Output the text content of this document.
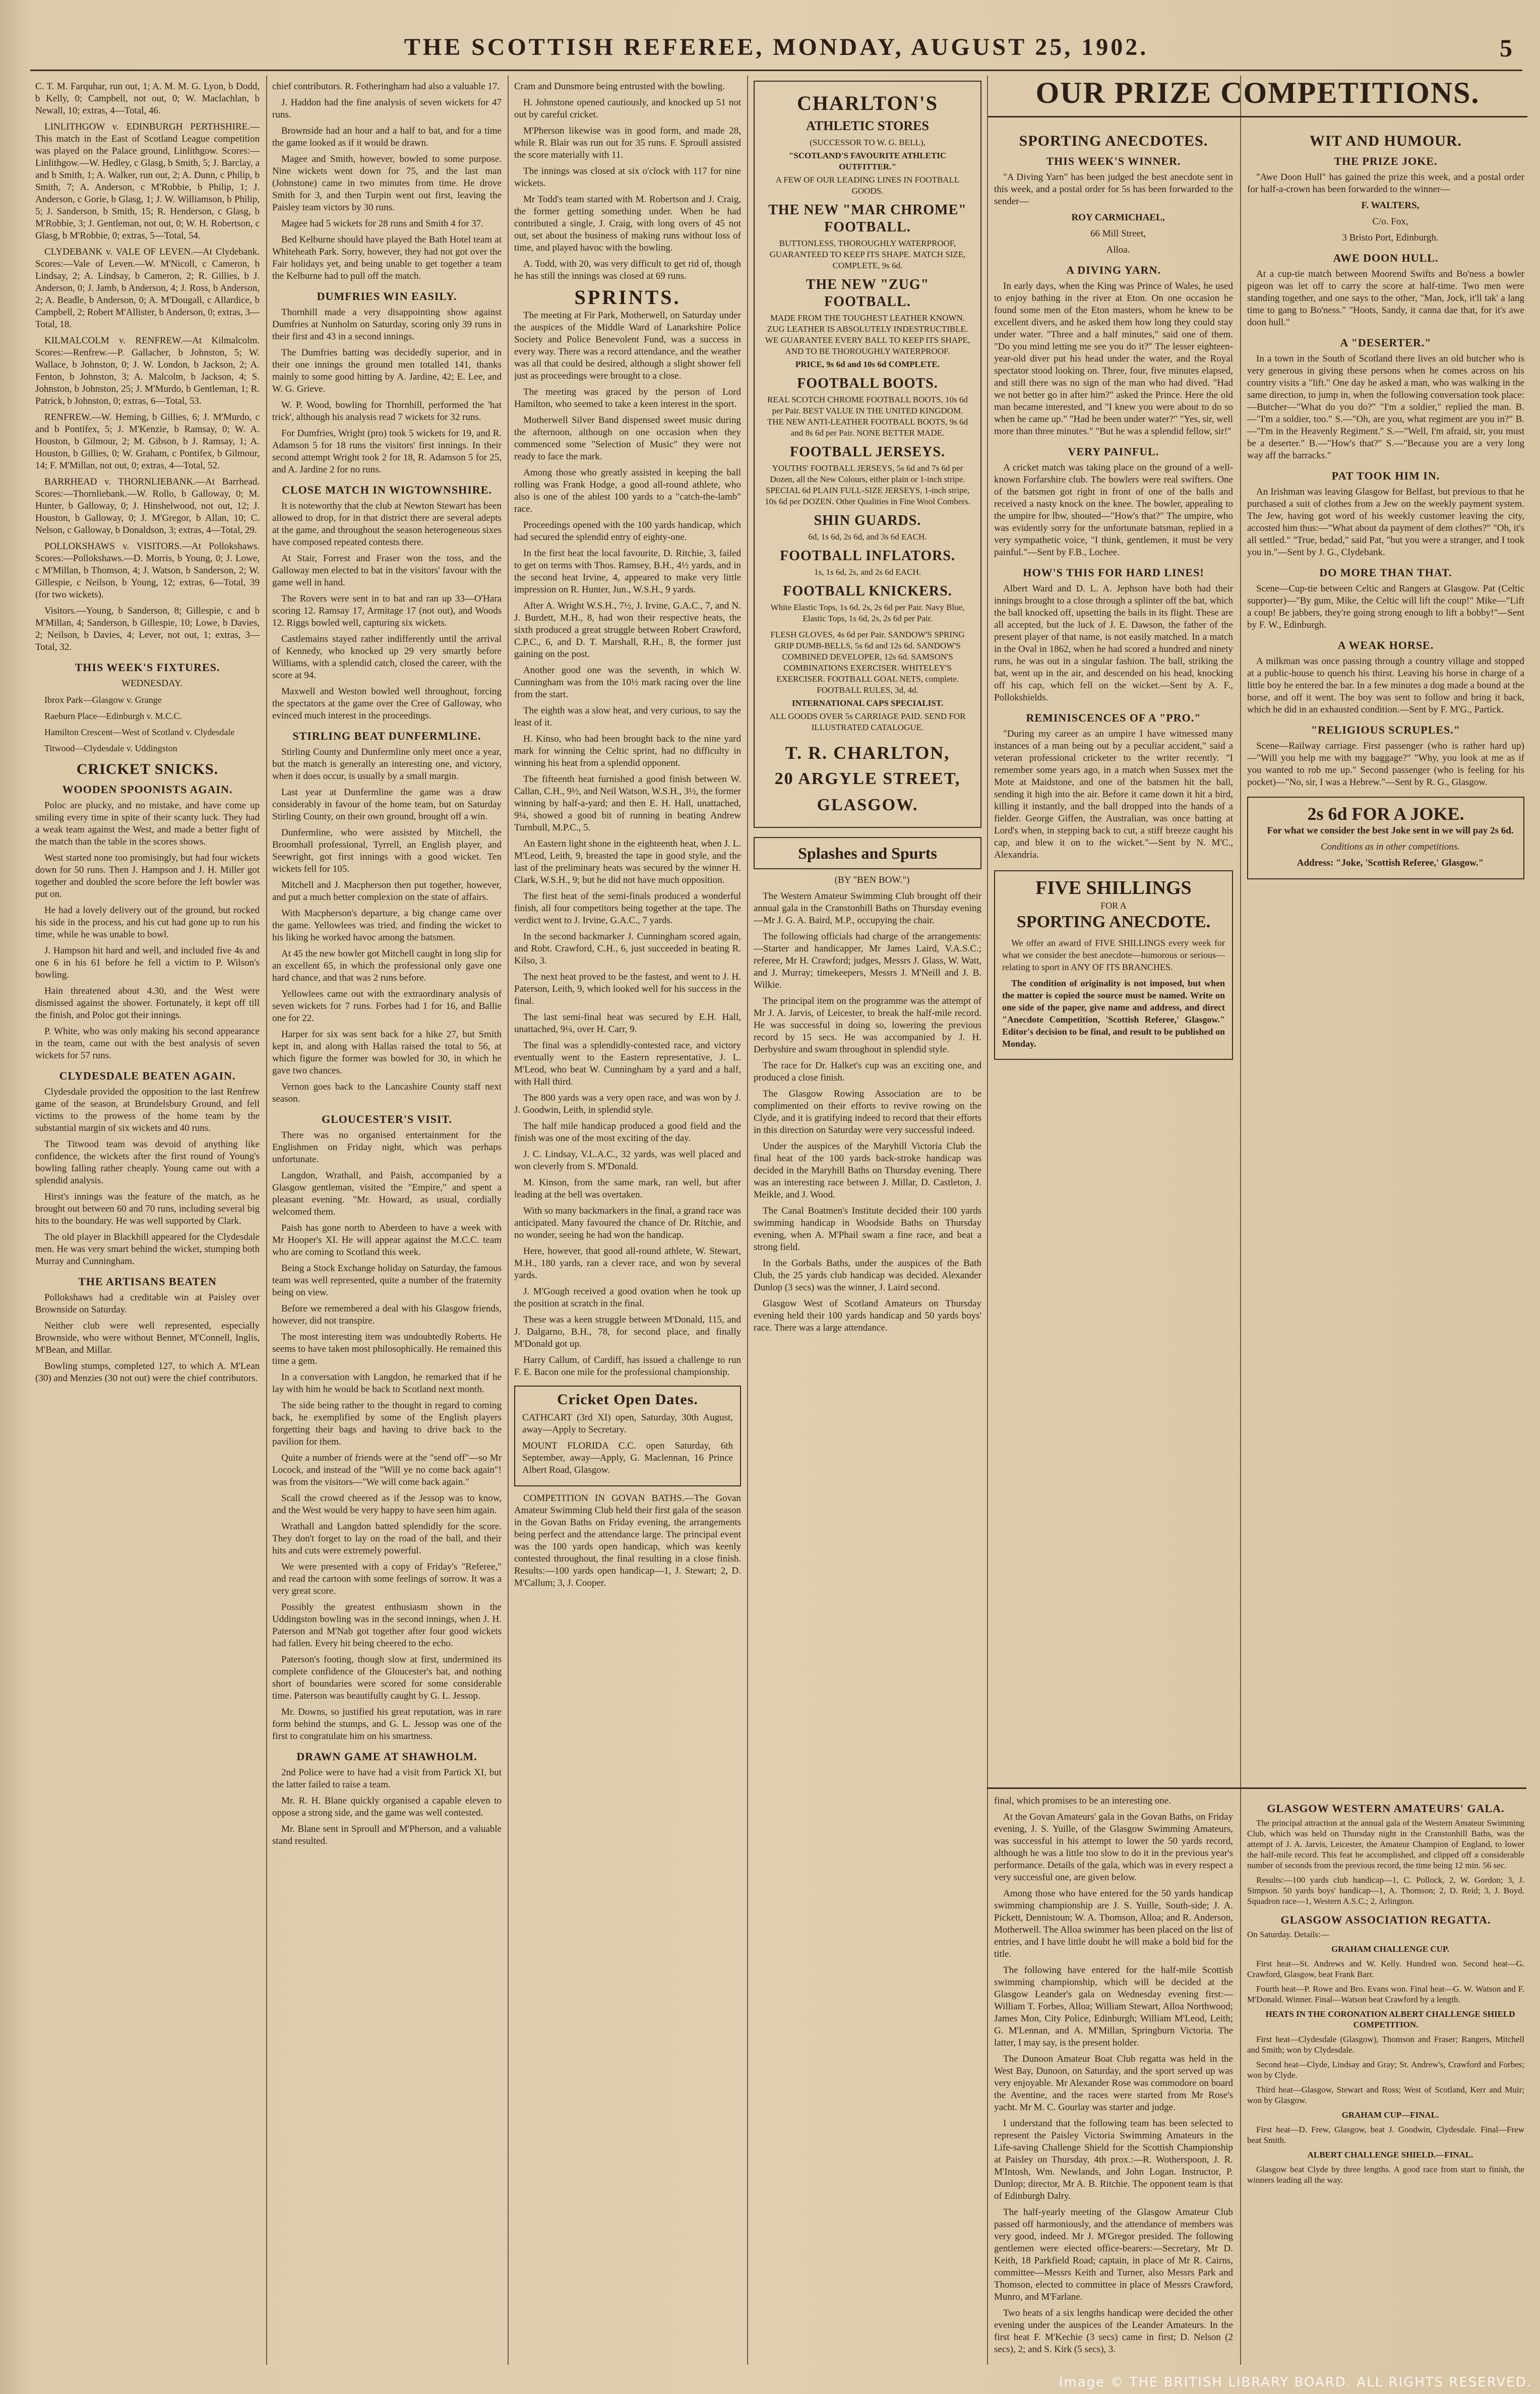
THE SCOTTISH REFEREE, MONDAY, AUGUST 25, 1902.	5

C. T. M. Farquhar, run out, 1; A. M. M. G. Lyon, b Dodd, b Kelly, 0; Campbell, not out, 0; W. Maclachlan, b Newall, 10; extras, 4—Total, 46.

LINLITHGOW v. EDINBURGH PERTHSHIRE.—This match in the East of Scotland League competition was played on the Palace ground, Linlithgow. Scores:—Linlithgow.—W. Hedley, c Glasg, b Smith, 5; J. Barclay, a and b Smith, 1; A. Walker, run out, 2; A. Dunn, c Philip, b Smith, 7; A. Anderson, c M'Robbie, b Philip, 1; J. Anderson, c Gorie, b Glasg, 1; J. W. Williamson, b Philip, 5; J. Sanderson, b Smith, 15; R. Henderson, c Glasg, b M'Robbie, 3; J. Gentleman, not out, 0; W. H. Robertson, c Glasg, b M'Robbie, 0; extras, 5—Total, 54.

CLYDEBANK v. VALE OF LEVEN.—At Clydebank. Scores:—Vale of Leven.—W. M'Nicoll, c Cameron, b Lindsay, 2; A. Lindsay, b Cameron, 2; R. Gillies, b J. Anderson, 0; J. Jamb, b Anderson, 4; J. Ross, b Anderson, 2; A. Beadle, b Anderson, 0; A. M'Dougall, c Allardice, b Campbell, 2; Robert M'Allister, b Anderson, 0; extras, 3—Total, 18.

KILMALCOLM v. RENFREW.—At Kilmalcolm. Scores:—Renfrew.—P. Gallacher, b Johnston, 5; W. Wallace, b Johnston, 0; J. W. London, b Jackson, 2; A. Fenton, b Johnston, 3; A. Malcolm, b Jackson, 4; S. Johnston, b Johnston, 25; J. M'Murdo, b Gentleman, 1; R. Patrick, b Johnston, 0; extras, 6—Total, 53.

RENFREW.—W. Heming, b Gillies, 6; J. M'Murdo, c and b Pontifex, 5; J. M'Kenzie, b Ramsay, 0; W. A. Houston, b Gilmour, 2; M. Gibson, b J. Ramsay, 1; A. Houston, b Gillies, 0; W. Graham, c Pontifex, b Gilmour, 14; F. M'Millan, not out, 0; extras, 4—Total, 52.

BARRHEAD v. THORNLIEBANK.—At Barrhead. Scores:—Thornliebank.—W. Rollo, b Galloway, 0; M. Hunter, b Galloway, 0; J. Hinshelwood, not out, 12; J. Houston, b Galloway, 0; J. M'Gregor, b Allan, 10; C. Nelson, c Galloway, b Donaldson, 3; extras, 4—Total, 29.

POLLOKSHAWS v. VISITORS.—At Pollokshaws. Scores:—Pollokshaws.—D. Morris, b Young, 0; J. Lowe, c M'Millan, b Thomson, 4; J. Watson, b Sanderson, 2; W. Gillespie, c Neilson, b Young, 12; extras, 6—Total, 39 (for two wickets).

Visitors.—Young, b Sanderson, 8; Gillespie, c and b M'Millan, 4; Sanderson, b Gillespie, 10; Lowe, b Davies, 2; Neilson, b Davies, 4; Lever, not out, 1; extras, 3—Total, 32.

THIS WEEK'S FIXTURES.

WEDNESDAY.

Ibrox Park—Glasgow v. Grange

Raeburn Place—Edinburgh v. M.C.C.

Hamilton Crescent—West of Scotland v. Clydesdale

Titwood—Clydesdale v. Uddingston

CRICKET SNICKS.
WOODEN SPOONISTS AGAIN.

Poloc are plucky, and no mistake, and have come up smiling every time in spite of their scanty luck. They had a weak team against the West, and made a better fight of the match than the table in the scores shows.

West started none too promisingly, but had four wickets down for 50 runs. Then J. Hampson and J. H. Miller got together and doubled the score before the left bowler was put on.

He had a lovely delivery out of the ground, but rocked his side in the process, and his cut had gone up to run his time, while he was unable to bowl.

J. Hampson hit hard and well, and included five 4s and one 6 in his 61 before he fell a victim to P. Wilson's bowling.

Hain threatened about 4.30, and the West were dismissed against the shower. Fortunately, it kept off till the finish, and Poloc got their innings.

P. White, who was only making his second appearance in the team, came out with the best analysis of seven wickets for 57 runs.

CLYDESDALE BEATEN AGAIN.

Clydesdale provided the opposition to the last Renfrew game of the season, at Brundelsbury Ground, and fell victims to the prowess of the home team by the substantial margin of six wickets and 40 runs.

The Titwood team was devoid of anything like confidence, the wickets after the first round of Young's bowling falling rather cheaply. Young came out with a splendid analysis.

Hirst's innings was the feature of the match, as he brought out between 60 and 70 runs, including several big hits to the boundary. He was well supported by Clark.

The old player in Blackhill appeared for the Clydesdale men. He was very smart behind the wicket, stumping both Murray and Cunningham.

THE ARTISANS BEATEN

Pollokshaws had a creditable win at Paisley over Brownside on Saturday.

Neither club were well represented, especially Brownside, who were without Bennet, M'Connell, Inglis, M'Bean, and Millar.

Bowling stumps, completed 127, to which A. M'Lean (30) and Menzies (30 not out) were the chief contributors.

chief contributors. R. Fotheringham had also a valuable 17.

J. Haddon had the fine analysis of seven wickets for 47 runs.

Brownside had an hour and a half to bat, and for a time the game looked as if it would be drawn.

Magee and Smith, however, bowled to some purpose. Nine wickets went down for 75, and the last man (Johnstone) came in two minutes from time. He drove Smith for 3, and then Turpin went out first, leaving the Paisley team victors by 30 runs.

Magee had 5 wickets for 28 runs and Smith 4 for 37.

Bed Kelburne should have played the Bath Hotel team at Whiteheath Park. Sorry, however, they had not got over the Fair holidays yet, and being unable to get together a team the Kelburne had to pull off the match.

DUMFRIES WIN EASILY.

Thornhill made a very disappointing show against Dumfries at Nunholm on Saturday, scoring only 39 runs in their first and 43 in a second innings.

The Dumfries batting was decidedly superior, and in their one innings the ground men totalled 141, thanks mainly to some good hitting by A. Jardine, 42; E. Lee, and W. G. Grieve.

W. P. Wood, bowling for Thornhill, performed the 'hat trick', although his analysis read 7 wickets for 32 runs.

For Dumfries, Wright (pro) took 5 wickets for 19, and R. Adamson 5 for 18 runs the visitors' first innings. In their second attempt Wright took 2 for 18, R. Adamson 5 for 25, and A. Jardine 2 for no runs.

CLOSE MATCH IN WIGTOWNSHIRE.

It is noteworthy that the club at Newton Stewart has been allowed to drop, for in that district there are several adepts at the game, and throughout the season heterogeneous sixes have composed repeated contests there.

At Stair, Forrest and Fraser won the toss, and the Galloway men elected to bat in the visitors' favour with the game well in hand.

The Rovers were sent in to bat and ran up 33—O'Hara scoring 12. Ramsay 17, Armitage 17 (not out), and Woods 12. Riggs bowled well, capturing six wickets.

Castlemains stayed rather indifferently until the arrival of Kennedy, who knocked up 29 very smartly before Williams, with a splendid catch, closed the career, with the score at 94.

Maxwell and Weston bowled well throughout, forcing the spectators at the game over the Cree of Galloway, who evinced much interest in the proceedings.

STIRLING BEAT DUNFERMLINE.

Stirling County and Dunfermline only meet once a year, but the match is generally an interesting one, and victory, when it does occur, is usually by a small margin.

Last year at Dunfermline the game was a draw considerably in favour of the home team, but on Saturday Stirling County, on their own ground, brought off a win.

Dunfermline, who were assisted by Mitchell, the Broomhall professional, Tyrrell, an English player, and Seewright, got first innings with a good wicket. Ten wickets fell for 105.

Mitchell and J. Macpherson then put together, however, and put a much better complexion on the state of affairs.

With Macpherson's departure, a big change came over the game. Yellowlees was tried, and finding the wicket to his liking he worked havoc among the batsmen.

At 45 the new bowler got Mitchell caught in long slip for an excellent 65, in which the professional only gave one hard chance, and that was 2 runs before.

Yellowlees came out with the extraordinary analysis of seven wickets for 7 runs. Forbes had 1 for 16, and Ballie one for 22.

Harper for six was sent back for a hike 27, but Smith kept in, and along with Hallas raised the total to 56, at which figure the former was bowled for 30, in which he gave two chances.

Vernon goes back to the Lancashire County staff next season.

GLOUCESTER'S VISIT.

There was no organised entertainment for the Englishmen on Friday night, which was perhaps unfortunate.

Langdon, Wrathall, and Paish, accompanied by a Glasgow gentleman, visited the "Empire," and spent a pleasant evening. "Mr. Howard, as usual, cordially welcomed them.

Paish has gone north to Aberdeen to have a week with Mr Hooper's XI. He will appear against the M.C.C. team who are coming to Scotland this week.

Being a Stock Exchange holiday on Saturday, the famous team was well represented, quite a number of the fraternity being on view.

Before we remembered a deal with his Glasgow friends, however, did not transpire.

The most interesting item was undoubtedly Roberts. He seems to have taken most philosophically. He remained this time a gem.

In a conversation with Langdon, he remarked that if he lay with him he would be back to Scotland next month.

The side being rather to the thought in regard to coming back, he exemplified by some of the English players forgetting their bags and having to drive back to the pavilion for them.

Quite a number of friends were at the "send off"—so Mr Locock, and instead of the "Will ye no come back again"! was from the visitors—"We will come back again."

Scall the crowd cheered as if the Jessop was to know, and the West would be very happy to have seen him again.

Wrathall and Langdon batted splendidly for the score. They don't forget to lay on the road of the ball, and their hits and cuts were extremely powerful.

We were presented with a copy of Friday's "Referee," and read the cartoon with some feelings of sorrow. It was a very great score.

Possibly the greatest enthusiasm shown in the Uddingston bowling was in the second innings, when J. H. Paterson and M'Nab got together after four good wickets had fallen. Every hit being cheered to the echo.

Paterson's footing, though slow at first, undermined its complete confidence of the Gloucester's bat, and nothing short of boundaries were scored for some considerable time. Paterson was beautifully caught by G. L. Jessop.

Mr. Downs, so justified his great reputation, was in rare form behind the stumps, and G. L. Jessop was one of the first to congratulate him on his smartness.

DRAWN GAME AT SHAWHOLM.

2nd Police were to have had a visit from Partick XI, but the latter failed to raise a team.

Mr. R. H. Blane quickly organised a capable eleven to oppose a strong side, and the game was well contested.

Mr. Blane sent in Sproull and M'Pherson, and a valuable stand resulted.

Cram and Dunsmore being entrusted with the bowling.

H. Johnstone opened cautiously, and knocked up 51 not out by careful cricket.

M'Pherson likewise was in good form, and made 28, while R. Blair was run out for 35 runs. F. Sproull assisted the score materially with 11.

The innings was closed at six o'clock with 117 for nine wickets.

Mr Todd's team started with M. Robertson and J. Craig, the former getting something under. When he had contributed a single, J. Craig, with long overs of 45 not out, set about the business of making runs without loss of time, and played havoc with the bowling.

A. Todd, with 20, was very difficult to get rid of, though he has still the innings was closed at 69 runs.

SPRINTS.

The meeting at Fir Park, Motherwell, on Saturday under the auspices of the Middle Ward of Lanarkshire Police Society and Police Benevolent Fund, was a success in every way. There was a record attendance, and the weather was all that could be desired, although a slight shower fell just as proceedings were brought to a close.

The meeting was graced by the person of Lord Hamilton, who seemed to take a keen interest in the sport.

Motherwell Silver Band dispensed sweet music during the afternoon, although on one occasion when they commenced some "Selection of Music" they were not ready to face the mark.

Among those who greatly assisted in keeping the ball rolling was Frank Hodge, a good all-round athlete, who also is one of the ablest 100 yards to a "catch-the-lamb" race.

Proceedings opened with the 100 yards handicap, which had secured the splendid entry of eighty-one.

In the first heat the local favourite, D. Ritchie, 3, failed to get on terms with Thos. Ramsey, B.H., 4½ yards, and in the second heat Irvine, 4, appeared to make very little impression on R. Hunter, Jun., W.S.H., 9 yards.

After A. Wright W.S.H., 7½, J. Irvine, G.A.C., 7, and N. J. Burdett, M.H., 8, had won their respective heats, the sixth produced a great struggle between Robert Crawford, C.P.C., 6, and D. T. Marshall, R.H., 8, the former just gaining on the post.

Another good one was the seventh, in which W. Cunningham was from the 10½ mark racing over the line from the start.

The eighth was a slow heat, and very curious, to say the least of it.

H. Kinso, who had been brought back to the nine yard mark for winning the Celtic sprint, had no difficulty in winning his heat from a splendid opponent.

The fifteenth heat furnished a good finish between W. Callan, C.H., 9½, and Neil Watson, W.S.H., 3½, the former winning by half-a-yard; and then E. H. Hall, unattached, 9¼, showed a good bit of running in beating Andrew Turnbull, M.P.C., 5.

An Eastern light shone in the eighteenth heat, when J. L. M'Leod, Leith, 9, breasted the tape in good style, and the last of the preliminary heats was secured by the winner H. Clark, W.S.H., 9; but he did not have much opposition.

The first heat of the semi-finals produced a wonderful finish, all four competitors being together at the tape. The verdict went to J. Irvine, G.A.C., 7 yards.

In the second backmarker J. Cunningham scored again, and Robt. Crawford, C.H., 6, just succeeded in beating R. Kilso, 3.

The next heat proved to be the fastest, and went to J. H. Paterson, Leith, 9, which looked well for his success in the final.

The last semi-final heat was secured by E.H. Hall, unattached, 9¼, over H. Carr, 9.

The final was a splendidly-contested race, and victory eventually went to the Eastern representative, J. L. M'Leod, who beat W. Cunningham by a yard and a half, with Hall third.

The 800 yards was a very open race, and was won by J. J. Goodwin, Leith, in splendid style.

The half mile handicap produced a good field and the finish was one of the most exciting of the day.

J. C. Lindsay, V.L.A.C., 32 yards, was well placed and won cleverly from S. M'Donald.

M. Kinson, from the same mark, ran well, but after leading at the bell was overtaken.

With so many backmarkers in the final, a grand race was anticipated. Many favoured the chance of Dr. Ritchie, and no wonder, seeing he had won the handicap.

Here, however, that good all-round athlete, W. Stewart, M.H., 180 yards, ran a clever race, and won by several yards.

J. M'Gough received a good ovation when he took up the position at scratch in the final.

These was a keen struggle between M'Donald, 115, and J. Dalgarno, B.H., 78, for second place, and finally M'Donald got up.

Harry Callum, of Cardiff, has issued a challenge to run F. E. Bacon one mile for the professional championship.

Cricket Open Dates.

CATHCART (3rd XI) open, Saturday, 30th August, away—Apply to Secretary.

MOUNT FLORIDA C.C. open Saturday, 6th September, away—Apply, G. Maclennan, 16 Prince Albert Road, Glasgow.

COMPETITION IN GOVAN BATHS.—The Govan Amateur Swimming Club held their first gala of the season in the Govan Baths on Friday evening, the arrangements being perfect and the attendance large. The principal event was the 100 yards open handicap, which was keenly contested throughout, the final resulting in a close finish. Results:—100 yards open handicap—1, J. Stewart; 2, D. M'Callum; 3, J. Cooper.

CHARLTON'S
ATHLETIC STORES
(SUCCESSOR TO W. G. BELL),
"SCOTLAND'S FAVOURITE ATHLETIC OUTFITTER."
A FEW OF OUR LEADING LINES IN FOOTBALL GOODS.
THE NEW "MAR CHROME" FOOTBALL.
BUTTONLESS, THOROUGHLY WATERPROOF, GUARANTEED TO KEEP ITS SHAPE. MATCH SIZE, COMPLETE, 9s 6d.
THE NEW "ZUG" FOOTBALL.
MADE FROM THE TOUGHEST LEATHER KNOWN. ZUG LEATHER IS ABSOLUTELY INDESTRUCTIBLE. WE GUARANTEE EVERY BALL TO KEEP ITS SHAPE, AND TO BE THOROUGHLY WATERPROOF.
PRICE, 9s 6d and 10s 6d COMPLETE.
FOOTBALL BOOTS.
REAL SCOTCH CHROME FOOTBALL BOOTS, 10s 6d per Pair. BEST VALUE IN THE UNITED KINGDOM. THE NEW ANTI-LEATHER FOOTBALL BOOTS, 9s 6d and 8s 6d per Pair. NONE BETTER MADE.
FOOTBALL JERSEYS.
YOUTHS' FOOTBALL JERSEYS, 5s 6d and 7s 6d per Dozen, all the New Colours, either plain or 1-inch stripe. SPECIAL 6d PLAIN FULL-SIZE JERSEYS, 1-inch stripe, 10s 6d per DOZEN. Other Qualities in Fine Wool Combers.
SHIN GUARDS.
6d, 1s 6d, 2s 6d, and 3s 6d EACH.
FOOTBALL INFLATORS.
1s, 1s 6d, 2s, and 2s 6d EACH.
FOOTBALL KNICKERS.
White Elastic Tops, 1s 6d, 2s, 2s 6d per Pair. Navy Blue, Elastic Tops, 1s 6d, 2s, 2s 6d per Pair.
FLESH GLOVES, 4s 6d per Pair. SANDOW'S SPRING GRIP DUMB-BELLS, 5s 6d and 12s 6d. SANDOW'S COMBINED DEVELOPER, 12s 6d. SAMSON'S COMBINATIONS EXERCISER. WHITELEY'S EXERCISER. FOOTBALL GOAL NETS, complete. FOOTBALL RULES, 3d, 4d.
INTERNATIONAL CAPS SPECIALIST.
ALL GOODS OVER 5s CARRIAGE PAID. SEND FOR ILLUSTRATED CATALOGUE.
T. R. CHARLTON,
20 ARGYLE STREET,
GLASGOW.
Splashes and Spurts

(BY "BEN BOW.")

The Western Amateur Swimming Club brought off their annual gala in the Cranstonhill Baths on Thursday evening—Mr J. G. A. Baird, M.P., occupying the chair.

The following officials had charge of the arrangements:—Starter and handicapper, Mr James Laird, V.A.S.C.; referee, Mr H. Crawford; judges, Messrs J. Glass, W. Watt, and J. Murray; timekeepers, Messrs J. M'Neill and J. B. Wilkie.

The principal item on the programme was the attempt of Mr J. A. Jarvis, of Leicester, to break the half-mile record. He was successful in doing so, lowering the previous record by 15 secs. He was accompanied by J. H. Derbyshire and swam throughout in splendid style.

The race for Dr. Halket's cup was an exciting one, and produced a close finish.

The Glasgow Rowing Association are to be complimented on their efforts to revive rowing on the Clyde, and it is gratifying indeed to record that their efforts in this direction on Saturday were very successful indeed.

Under the auspices of the Maryhill Victoria Club the final heat of the 100 yards back-stroke handicap was decided in the Maryhill Baths on Thursday evening. There was an interesting race between J. Millar, D. Castleton, J. Meikle, and J. Wood.

The Canal Boatmen's Institute decided their 100 yards swimming handicap in Woodside Baths on Thursday evening, when A. M'Phail swam a fine race, and beat a strong field.

In the Gorbals Baths, under the auspices of the Bath Club, the 25 yards club handicap was decided. Alexander Dunlop (3 secs) was the winner, J. Laird second.

Glasgow West of Scotland Amateurs on Thursday evening held their 100 yards handicap and 50 yards boys' race. There was a large attendance.

OUR PRIZE COMPETITIONS.
SPORTING ANECDOTES.
THIS WEEK'S WINNER.

"A Diving Yarn" has been judged the best anecdote sent in this week, and a postal order for 5s has been forwarded to the sender—

ROY CARMICHAEL,

66 Mill Street,

Alloa.

A DIVING YARN.

In early days, when the King was Prince of Wales, he used to enjoy bathing in the river at Eton. On one occasion he found some men of the Eton masters, whom he knew to be excellent divers, and he asked them how long they could stay under water. "Three and a half minutes," said one of them. "Do you mind letting me see you do it?" The lesser eighteen-year-old diver put his head under the water, and the Royal spectator stood looking on. Three, four, five minutes elapsed, and still there was no sign of the man who had dived. "Had we not better go in after him?" asked the Prince. Here the old man became interested, and "I knew you were about to do so when he came up." "Had he been under water?" "Yes, sir, well more than three minutes." "But he was a splendid fellow, sir!"

VERY PAINFUL.

A cricket match was taking place on the ground of a well-known Forfarshire club. The bowlers were real swifters. One of the batsmen got right in front of one of the balls and received a nasty knock on the knee. The bowler, appealing to the umpire for lbw, shouted—"How's that?" The umpire, who was evidently sorry for the unfortunate batsman, replied in a very sympathetic voice, "I think, gentlemen, it must be very painful."—Sent by F.B., Lochee.

HOW'S THIS FOR HARD LINES!

Albert Ward and D. L. A. Jephson have both had their innings brought to a close through a splinter off the bat, which the ball knocked off, upsetting the bails in its flight. These are all accepted, but the luck of J. E. Dawson, the father of the present player of that name, is not easily matched. In a match in the Oval in 1862, when he had scored a hundred and ninety runs, he was out in a singular fashion. The ball, striking the bat, went up in the air, and descended on his head, knocking off his cap, which fell on the wicket.—Sent by A. F., Pollokshields.

REMINISCENCES OF A "PRO."

"During my career as an umpire I have witnessed many instances of a man being out by a peculiar accident," said a veteran professional cricketer to the writer recently. "I remember some years ago, in a match when Sussex met the Mote at Maidstone, and one of the batsmen hit the ball, sending it high into the air. Before it came down it hit a bird, killing it instantly, and the ball dropped into the hands of a fielder. George Giffen, the Australian, was once batting at Lord's when, in stepping back to cut, a stiff breeze caught his cap, and blew it on to the wicket."—Sent by N. M'C., Alexandria.

FIVE SHILLINGS
FOR A
SPORTING ANECDOTE.

We offer an award of FIVE SHILLINGS every week for what we consider the best anecdote—humorous or serious—relating to sport in ANY OF ITS BRANCHES.

The condition of originality is not imposed, but when the matter is copied the source must be named. Write on one side of the paper, give name and address, and direct "Anecdote Competition, 'Scottish Referee,' Glasgow." Editor's decision to be final, and result to be published on Monday.

WIT AND HUMOUR.
THE PRIZE JOKE.

"Awe Doon Hull" has gained the prize this week, and a postal order for half-a-crown has been forwarded to the winner—

F. WALTERS,

C/o. Fox,

3 Bristo Port, Edinburgh.

AWE DOON HULL.

At a cup-tie match between Moorend Swifts and Bo'ness a bowler pigeon was let off to carry the score at half-time. Two men were standing together, and one says to the other, "Man, Jock, it'll tak' a lang time to gang to Bo'ness." "Hoots, Sandy, it canna dae that, for it's awe doon hull."

A "DESERTER."

In a town in the South of Scotland there lives an old butcher who is very generous in giving these persons when he comes across on his country visits a "lift." One day he asked a man, who was walking in the same direction, to jump in, when the following conversation took place:—Butcher—"What do you do?" "I'm a soldier," replied the man. B.—"I'm a soldier, too." S.—"Oh, are you, what regiment are you in?" B.—"I'm in the Heavenly Regiment." S.—"Well, I'm afraid, sir, you must be a deserter." B.—"How's that?" S.—"Because you are a very long way aff the barracks."

PAT TOOK HIM IN.

An Irishman was leaving Glasgow for Belfast, but previous to that he purchased a suit of clothes from a Jew on the weekly payment system. The Jew, having got word of his weekly customer leaving the city, accosted him thus:—"What about da payment of dem clothes?" "Oh, it's all settled." "True, bedad," said Pat, "but you were a stranger, and I took you in."—Sent by J. G., Clydebank.

DO MORE THAN THAT.

Scene—Cup-tie between Celtic and Rangers at Glasgow. Pat (Celtic supporter)—"By gum, Mike, the Celtic will lift the coup!" Mike—"Lift a coup! Be jabbers, they're going strong enough to lift a bobby!"—Sent by F. W., Edinburgh.

A WEAK HORSE.

A milkman was once passing through a country village and stopped at a public-house to quench his thirst. Leaving his horse in charge of a little boy he entered the bar. In a few minutes a dog made a bound at the horse, and off it went. The boy was sent to follow and bring it back, which he did in an exhausted condition.—Sent by F. M'G., Partick.

"RELIGIOUS SCRUPLES."

Scene—Railway carriage. First passenger (who is rather hard up)—"Will you help me with my baggage?" "Why, you look at me as if you wanted to rob me up." Second passenger (who is feeling for his pocket)—"No, sir, I was a Hebrew."—Sent by R. G., Glasgow.

2s 6d FOR A JOKE.

For what we consider the best Joke sent in we will pay 2s 6d.

Conditions as in other competitions.

Address: "Joke, 'Scottish Referee,' Glasgow."

final, which promises to be an interesting one.

At the Govan Amateurs' gala in the Govan Baths, on Friday evening, J. S. Yuille, of the Glasgow Swimming Amateurs, was successful in his attempt to lower the 50 yards record, although he was a little too slow to do it in the previous year's performance. Details of the gala, which was in every respect a very successful one, are given below.

Among those who have entered for the 50 yards handicap swimming championship are J. S. Yuille, South-side; J. A. Pickett, Dennistoun; W. A. Thomson, Alloa; and R. Anderson, Motherwell. The Alloa swimmer has been placed on the list of entries, and I have little doubt he will make a bold bid for the title.

The following have entered for the half-mile Scottish swimming championship, which will be decided at the Glasgow Leander's gala on Wednesday evening first:—William T. Forbes, Alloa; William Stewart, Alloa Northwood; James Mon, City Police, Edinburgh; William M'Leod, Leith; G. M'Lennan, and A. M'Millan, Springburn Victoria. The latter, I may say, is the present holder.

The Dunoon Amateur Boat Club regatta was held in the West Bay, Dunoon, on Saturday, and the sport served up was very enjoyable. Mr Alexander Rose was commodore on board the Aventine, and the races were started from Mr Rose's yacht. Mr M. C. Gourlay was starter and judge.

I understand that the following team has been selected to represent the Paisley Victoria Swimming Amateurs in the Life-saving Challenge Shield for the Scottish Championship at Paisley on Thursday, 4th prox.:—R. Wotherspoon, J. R. M'Intosh, Wm. Newlands, and John Logan. Instructor, P. Dunlop; director, Mr A. B. Ritchie. The opponent team is that of Edinburgh Dalry.

The half-yearly meeting of the Glasgow Amateur Club passed off harmoniously, and the attendance of members was very good, indeed. Mr J. M'Gregor presided. The following gentlemen were elected office-bearers:—Secretary, Mr D. Keith, 18 Parkfield Road; captain, in place of Mr R. Cairns, committee—Messrs Keith and Turner, also Messrs Park and Thomson, elected to committee in place of Messrs Crawford, Munro, and M'Farlane.

Two heats of a six lengths handicap were decided the other evening under the auspices of the Leander Amateurs. In the first heat F. M'Kechie (3 secs) came in first; D. Nelson (2 secs), 2; and S. Kirk (5 secs), 3.

GLASGOW WESTERN AMATEURS' GALA.

The principal attraction at the annual gala of the Western Amateur Swimming Club, which was held on Thursday night in the Cranstonhill Baths, was the attempt of J. A. Jarvis, Leicester, the Amateur Champion of England, to lower the half-mile record. This feat he accomplished, and clipped off a considerable number of seconds from the previous record, the time being 12 min. 56 sec.

Results:—100 yards club handicap—1, C. Pollock, 2, W. Gordon; 3, J. Simpson. 50 yards boys' handicap—1, A. Thomson; 2, D. Reid; 3, J. Boyd. Squadron race—1, Western A.S.C.; 2, Arlington.

GLASGOW ASSOCIATION REGATTA.

On Saturday. Details:—

GRAHAM CHALLENGE CUP.

First heat—St. Andrews and W. Kelly. Hundred won. Second heat—G. Crawford, Glasgow, beat Frank Barr.

Fourth heat—P. Rowe and Bro. Evans won. Final heat—G. W. Watson and F. M'Donald. Winner. Final—Watson beat Crawford by a length.

HEATS IN THE CORONATION ALBERT CHALLENGE SHIELD COMPETITION.

First heat—Clydesdale (Glasgow), Thomson and Fraser; Rangers, Mitchell and Smith; won by Clydesdale.

Second heat—Clyde, Lindsay and Gray; St. Andrew's, Crawford and Forbes; won by Clyde.

Third heat—Glasgow, Stewart and Ross; West of Scotland, Kerr and Muir; won by Glasgow.

GRAHAM CUP—FINAL.

First heat—D. Frew, Glasgow, beat J. Goodwin, Clydesdale. Final—Frew beat Smith.

ALBERT CHALLENGE SHIELD.—FINAL.

Glasgow beat Clyde by three lengths. A good race from start to finish, the winners leading all the way.

Image © THE BRITISH LIBRARY BOARD. ALL RIGHTS RESERVED.
